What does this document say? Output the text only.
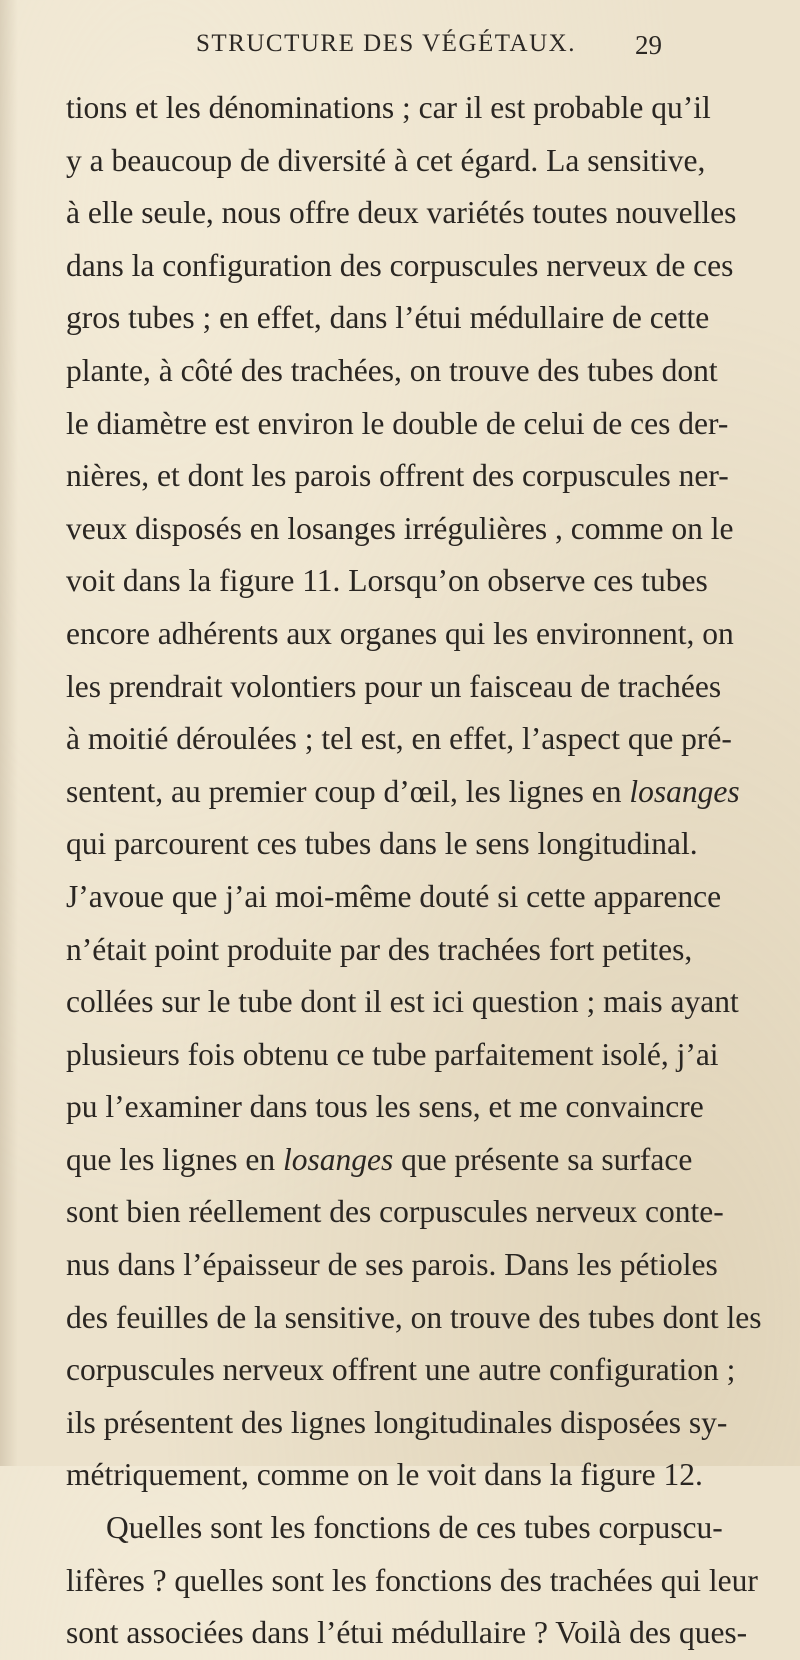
STRUCTURE DES VÉGÉTAUX. 29
tions et les dénominations ; car il est probable qu’il
y a beaucoup de diversité à cet égard. La sensitive,
à elle seule, nous offre deux variétés toutes nouvelles
dans la configuration des corpuscules nerveux de ces
gros tubes ; en effet, dans l’étui médullaire de cette
plante, à côté des trachées, on trouve des tubes dont
le diamètre est environ le double de celui de ces der-
nières, et dont les parois offrent des corpuscules ner-
veux disposés en losanges irrégulières , comme on le
voit dans la figure 11. Lorsqu’on observe ces tubes
encore adhérents aux organes qui les environnent, on
les prendrait volontiers pour un faisceau de trachées
à moitié déroulées ; tel est, en effet, l’aspect que pré-
sentent, au premier coup d’œil, les lignes en losanges
qui parcourent ces tubes dans le sens longitudinal.
J’avoue que j’ai moi-même douté si cette apparence
n’était point produite par des trachées fort petites,
collées sur le tube dont il est ici question ; mais ayant
plusieurs fois obtenu ce tube parfaitement isolé, j’ai
pu l’examiner dans tous les sens, et me convaincre
que les lignes en losanges que présente sa surface
sont bien réellement des corpuscules nerveux conte-
nus dans l’épaisseur de ses parois. Dans les pétioles
des feuilles de la sensitive, on trouve des tubes dont les
corpuscules nerveux offrent une autre configuration ;
ils présentent des lignes longitudinales disposées sy-
métriquement, comme on le voit dans la figure 12.
Quelles sont les fonctions de ces tubes corpuscu-
lifères ? quelles sont les fonctions des trachées qui leur
sont associées dans l’étui médullaire ? Voilà des ques-
